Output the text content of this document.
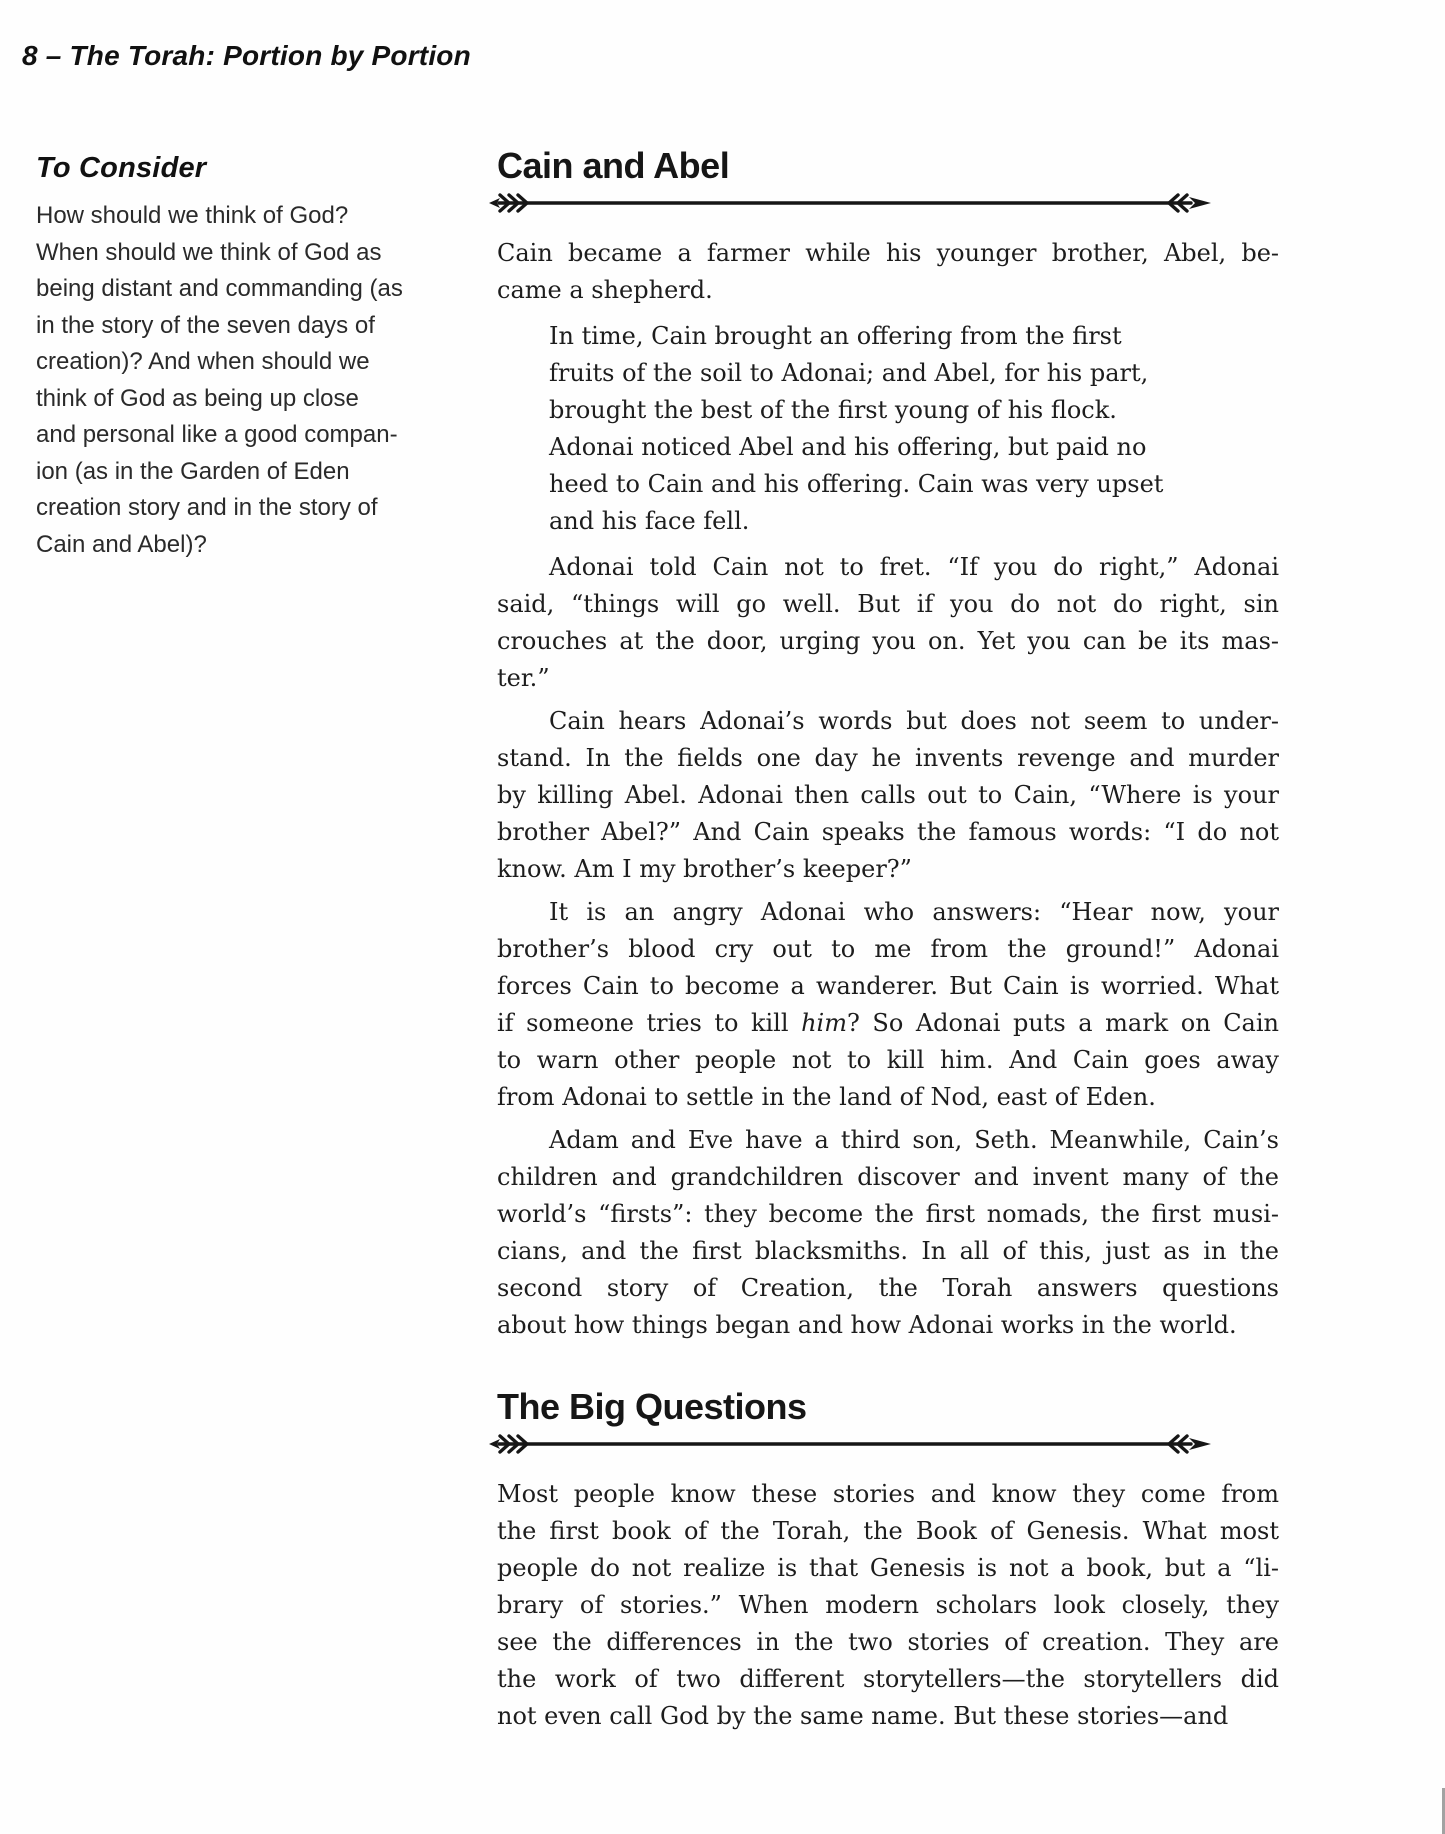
8 – The Torah: Portion by Portion
To Consider
How should we think of God?
When should we think of God as
being distant and commanding (as
in the story of the seven days of
creation)? And when should we
think of God as being up close
and personal like a good compan-
ion (as in the Garden of Eden
creation story and in the story of
Cain and Abel)?
Cain and Abel
Cain became a farmer while his younger brother, Abel, be-
came a shepherd.
In time, Cain brought an offering from the first
fruits of the soil to Adonai; and Abel, for his part,
brought the best of the first young of his flock.
Adonai noticed Abel and his offering, but paid no
heed to Cain and his offering. Cain was very upset
and his face fell.
Adonai told Cain not to fret. “If you do right,” Adonai
said, “things will go well. But if you do not do right, sin
crouches at the door, urging you on. Yet you can be its mas-
ter.”
Cain hears Adonai’s words but does not seem to under-
stand. In the fields one day he invents revenge and murder
by killing Abel. Adonai then calls out to Cain, “Where is your
brother Abel?” And Cain speaks the famous words: “I do not
know. Am I my brother’s keeper?”
It is an angry Adonai who answers: “Hear now, your
brother’s blood cry out to me from the ground!” Adonai
forces Cain to become a wanderer. But Cain is worried. What
if someone tries to kill him? So Adonai puts a mark on Cain
to warn other people not to kill him. And Cain goes away
from Adonai to settle in the land of Nod, east of Eden.
Adam and Eve have a third son, Seth. Meanwhile, Cain’s
children and grandchildren discover and invent many of the
world’s “firsts”: they become the first nomads, the first musi-
cians, and the first blacksmiths. In all of this, just as in the
second story of Creation, the Torah answers questions
about how things began and how Adonai works in the world.
The Big Questions
Most people know these stories and know they come from
the first book of the Torah, the Book of Genesis. What most
people do not realize is that Genesis is not a book, but a “li-
brary of stories.” When modern scholars look closely, they
see the differences in the two stories of creation. They are
the work of two different storytellers—the storytellers did
not even call God by the same name. But these stories—and
